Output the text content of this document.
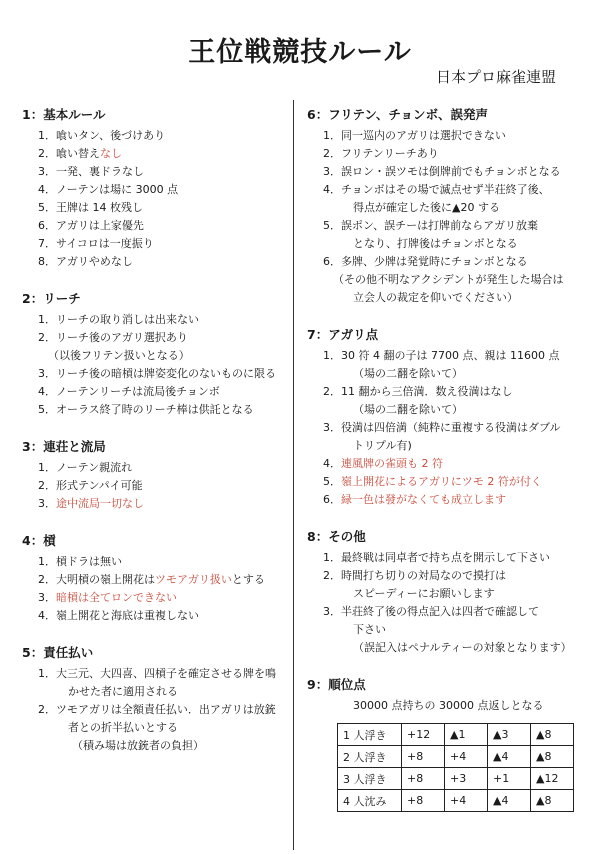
王位戦競技ルール
日本プロ麻雀連盟
1：基本ルール
1． 喰いタン、後づけあり
2． 喰い替えなし
3． 一発、裏ドラなし
4． ノーテンは場に 3000 点
5． 王牌は 14 枚残し
6． アガリは上家優先
7． サイコロは一度振り
8． アガリやめなし
2：リーチ
1． リーチの取り消しは出来ない
2． リーチ後のアガリ選択あり
（以後フリテン扱いとなる）
3． リーチ後の暗槓は牌姿変化のないものに限る
4． ノーテンリーチは流局後チョンボ
5． オーラス終了時のリーチ棒は供託となる
3：連荘と流局
1． ノーテン親流れ
2． 形式テンパイ可能
3． 途中流局一切なし
4：槓
1． 槓ドラは無い
2． 大明槓の嶺上開花はツモアガリ扱いとする
3． 暗槓は全てロンできない
4． 嶺上開花と海底は重複しない
5：責任払い
1． 大三元、大四喜、四槓子を確定させる牌を鳴
かせた者に適用される
2． ツモアガリは全額責任払い．出アガリは放銃
者との折半払いとする
（積み場は放銃者の負担）
6：フリテン、チョンボ、誤発声
1． 同一巡内のアガリは選択できない
2． フリテンリーチあり
3． 誤ロン・誤ツモは倒牌前でもチョンボとなる
4． チョンボはその場で滅点せず半荘終了後、
得点が確定した後に▲20 する
5． 誤ポン、誤チーは打牌前ならアガリ放棄
となり、打牌後はチョンボとなる
6． 多牌、少牌は発覚時にチョンボとなる
（その他不明なアクシデントが発生した場合は
立会人の裁定を仰いでください）
7：アガリ点
1． 30 符 4 翻の子は 7700 点、親は 11600 点
（場の二翻を除いて）
2． 11 翻から三倍満．数え役満はなし
（場の二翻を除いて）
3． 役満は四倍満（純粋に重複する役満はダブル
トリプル有)
4． 連風牌の雀頭も 2 符
5． 嶺上開花によるアガリにツモ 2 符が付く
6． 緑一色は發がなくても成立します
8：その他
1． 最終戦は同卓者で持ち点を開示して下さい
2． 時間打ち切りの対局なので摸打は
スピーディーにお願いします
3． 半荘終了後の得点記入は四者で確認して
下さい
（誤記入はペナルティーの対象となります）
9：順位点
30000 点持ちの 30000 点返しとなる
1 人浮き	+12	▲1	▲3	▲8
2 人浮き	+8	+4	▲4	▲8
3 人浮き	+8	+3	+1	▲12
4 人沈み	+8	+4	▲4	▲8
